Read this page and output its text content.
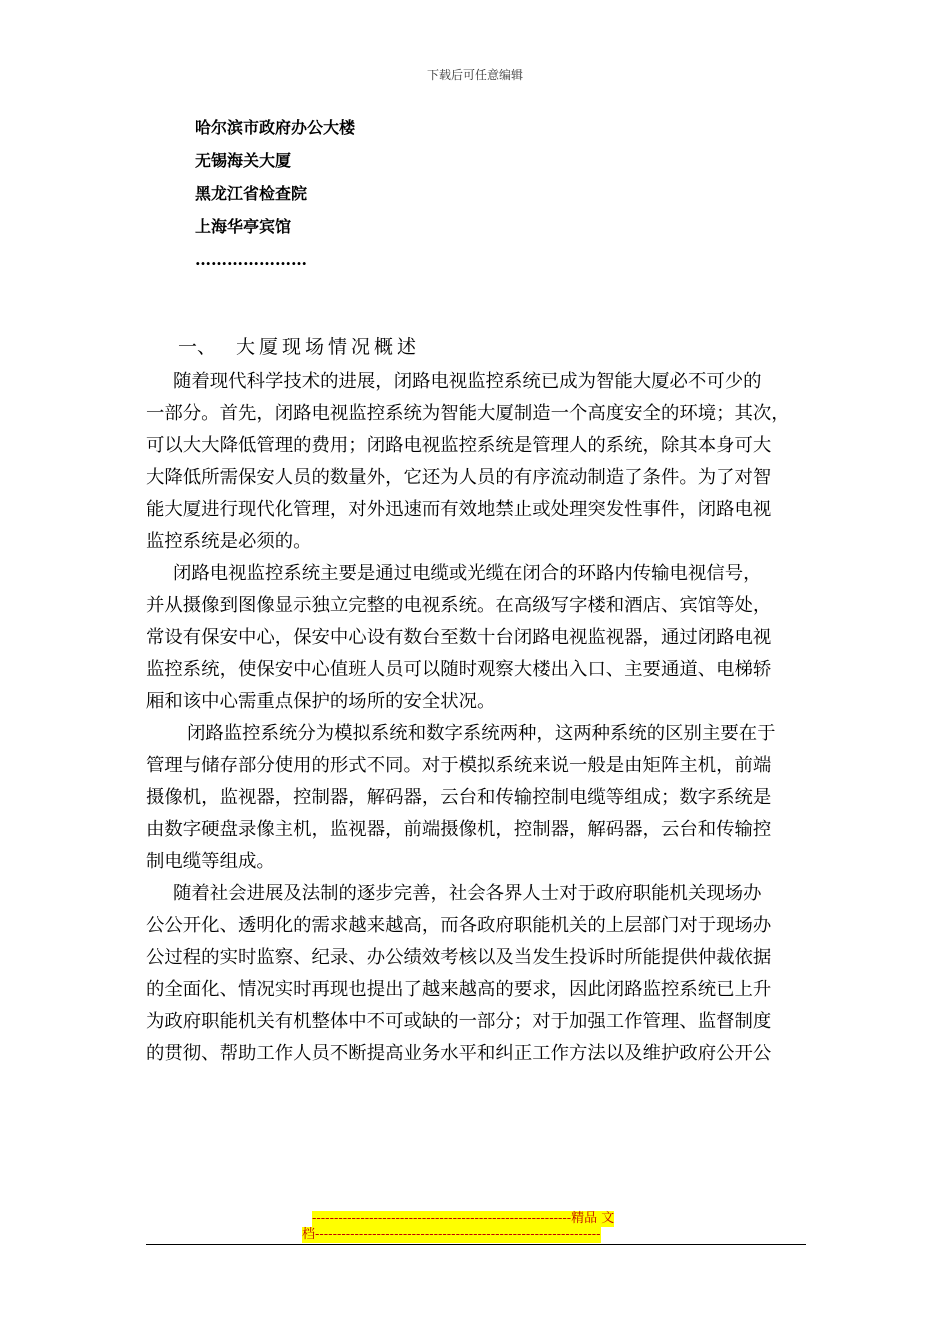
下载后可任意编辑
哈尔滨市政府办公大楼
无锡海关大厦
黑龙江省检查院
上海华亭宾馆
…………………
一、 大厦现场情况概述
随着现代科学技术的进展，闭路电视监控系统已成为智能大厦必不可少的
一部分。首先，闭路电视监控系统为智能大厦制造一个高度安全的环境；其次，
可以大大降低管理的费用；闭路电视监控系统是管理人的系统，除其本身可大
大降低所需保安人员的数量外，它还为人员的有序流动制造了条件。为了对智
能大厦进行现代化管理，对外迅速而有效地禁止或处理突发性事件，闭路电视
监控系统是必须的。
闭路电视监控系统主要是通过电缆或光缆在闭合的环路内传输电视信号，
并从摄像到图像显示独立完整的电视系统。在高级写字楼和酒店、宾馆等处，
常设有保安中心，保安中心设有数台至数十台闭路电视监视器，通过闭路电视
监控系统，使保安中心值班人员可以随时观察大楼出入口、主要通道、电梯轿
厢和该中心需重点保护的场所的安全状况。
闭路监控系统分为模拟系统和数字系统两种，这两种系统的区别主要在于
管理与储存部分使用的形式不同。对于模拟系统来说一般是由矩阵主机，前端
摄像机，监视器，控制器，解码器，云台和传输控制电缆等组成；数字系统是
由数字硬盘录像主机，监视器，前端摄像机，控制器，解码器，云台和传输控
制电缆等组成。
随着社会进展及法制的逐步完善，社会各界人士对于政府职能机关现场办
公公开化、透明化的需求越来越高，而各政府职能机关的上层部门对于现场办
公过程的实时监察、纪录、办公绩效考核以及当发生投诉时所能提供仲裁依据
的全面化、情况实时再现也提出了越来越高的要求，因此闭路监控系统已上升
为政府职能机关有机整体中不可或缺的一部分；对于加强工作管理、监督制度
的贯彻、帮助工作人员不断提高业务水平和纠正工作方法以及维护政府公开公
-----------------------------------------------------------精品 文
档-----------------------------------------------------------------
